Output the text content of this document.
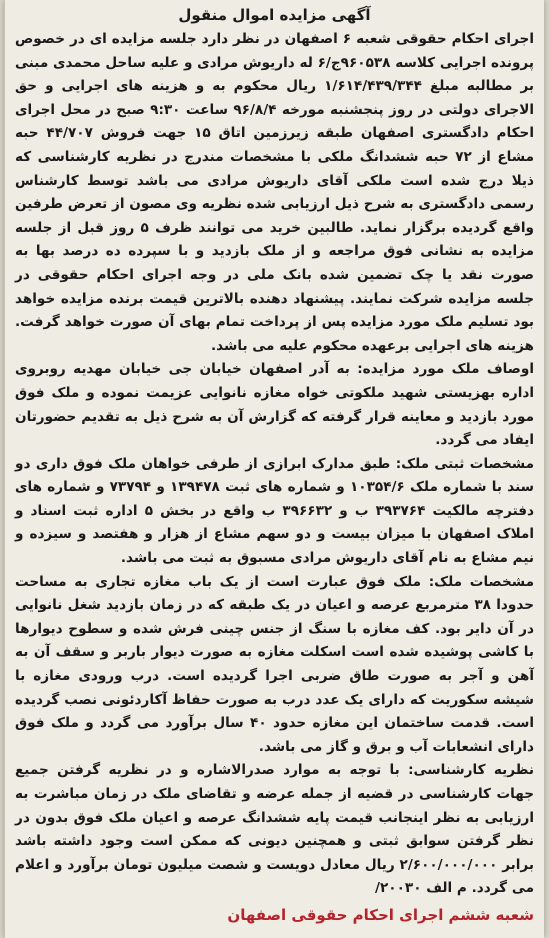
آگهی مزایده اموال منقول

اجرای احکام حقوقی شعبه ۶ اصفهان در نظر دارد جلسه مزایده ای در خصوص پرونده اجرایی کلاسه ۹۶۰۵۳۸ج/۶ له داریوش مرادی و علیه ساحل محمدی مبنی بر مطالبه مبلغ ۱/۶۱۴/۴۳۹/۳۴۴ ریال محکوم به و هزینه های اجرایی و حق الاجرای دولتی در روز پنجشنبه مورخه ۹۶/۸/۴ ساعت ۹:۳۰ صبح در محل اجرای احکام دادگستری اصفهان طبقه زیرزمین اتاق ۱۵ جهت فروش ۴۴/۷۰۷ حبه مشاع از ۷۲ حبه ششدانگ ملکی با مشخصات مندرج در نظریه کارشناسی که ذیلا درج شده است ملکی آقای داریوش مرادی می باشد توسط کارشناس رسمی دادگستری به شرح ذیل ارزیابی شده نظریه وی مصون از تعرض طرفین واقع گردیده برگزار نماید. طالبین خرید می توانند ظرف ۵ روز قبل از جلسه مزایده به نشانی فوق مراجعه و از ملک بازدید و با سپرده ده درصد بها به صورت نقد یا چک تضمین شده بانک ملی در وجه اجرای احکام حقوقی در جلسه مزایده شرکت نمایند. پیشنهاد دهنده بالاترین قیمت برنده مزایده خواهد بود تسلیم ملک مورد مزایده پس از پرداخت تمام بهای آن صورت خواهد گرفت. هزینه های اجرایی برعهده محکوم علیه می باشد.

اوصاف ملک مورد مزایده: به آدر اصفهان خیابان جی خیابان مهدیه روبروی اداره بهزیستی شهید ملکوتی خواه مغازه نانوایی عزیمت نموده و ملک فوق مورد بازدید و معاینه قرار گرفته که گزارش آن به شرح ذیل به تقدیم حضورتان ایفاد می گردد.

مشخصات ثبتی ملک: طبق مدارک ابرازی از طرفی خواهان ملک فوق داری دو سند با شماره ملک ۱۰۳۵۴/۶ و شماره های ثبت ۱۳۹۴۷۸ و ۷۳۷۹۴ و شماره های دفترچه مالکیت ۳۹۳۷۶۴ ب و ۳۹۶۶۳۲ ب واقع در بخش ۵ اداره ثبت اسناد و املاک اصفهان با میزان بیست و دو سهم مشاع از هزار و هفتصد و سیزده و نیم مشاع به نام آقای داریوش مرادی مسبوق به ثبت می باشد.

مشخصات ملک: ملک فوق عبارت است از یک باب مغازه تجاری به مساحت حدودا ۳۸ مترمربع عرصه و اعیان در یک طبقه که در زمان بازدید شغل نانوایی در آن دایر بود. کف مغازه با سنگ از جنس چینی فرش شده و سطوح دیوارها با کاشی پوشیده شده است اسکلت مغازه به صورت دیوار باربر و سقف آن به آهن و آجر به صورت طاق ضربی اجرا گردیده است. درب ورودی مغازه با شیشه سکوریت که دارای یک عدد درب به صورت حفاظ آکاردئونی نصب گردیده است. قدمت ساختمان این مغازه حدود ۴۰ سال برآورد می گردد و ملک فوق دارای انشعابات آب و برق و گاز می باشد.

نظریه کارشناسی: با توجه به موارد صدرالاشاره و در نظریه گرفتن جمیع جهات کارشناسی در قضیه از جمله عرضه و تقاضای ملک در زمان مباشرت به ارزیابی به نظر اینجانب قیمت پایه ششدانگ عرصه و اعیان ملک فوق بدون در نظر گرفتن سوابق ثبتی و همچنین دیونی که ممکن است وجود داشته باشد برابر ۲/۶۰۰/۰۰۰/۰۰۰ ریال معادل دویست و شصت میلیون تومان برآورد و اعلام می گردد. م الف ۲۰۰۳۰/

شعبه ششم اجرای احکام حقوقی اصفهان
